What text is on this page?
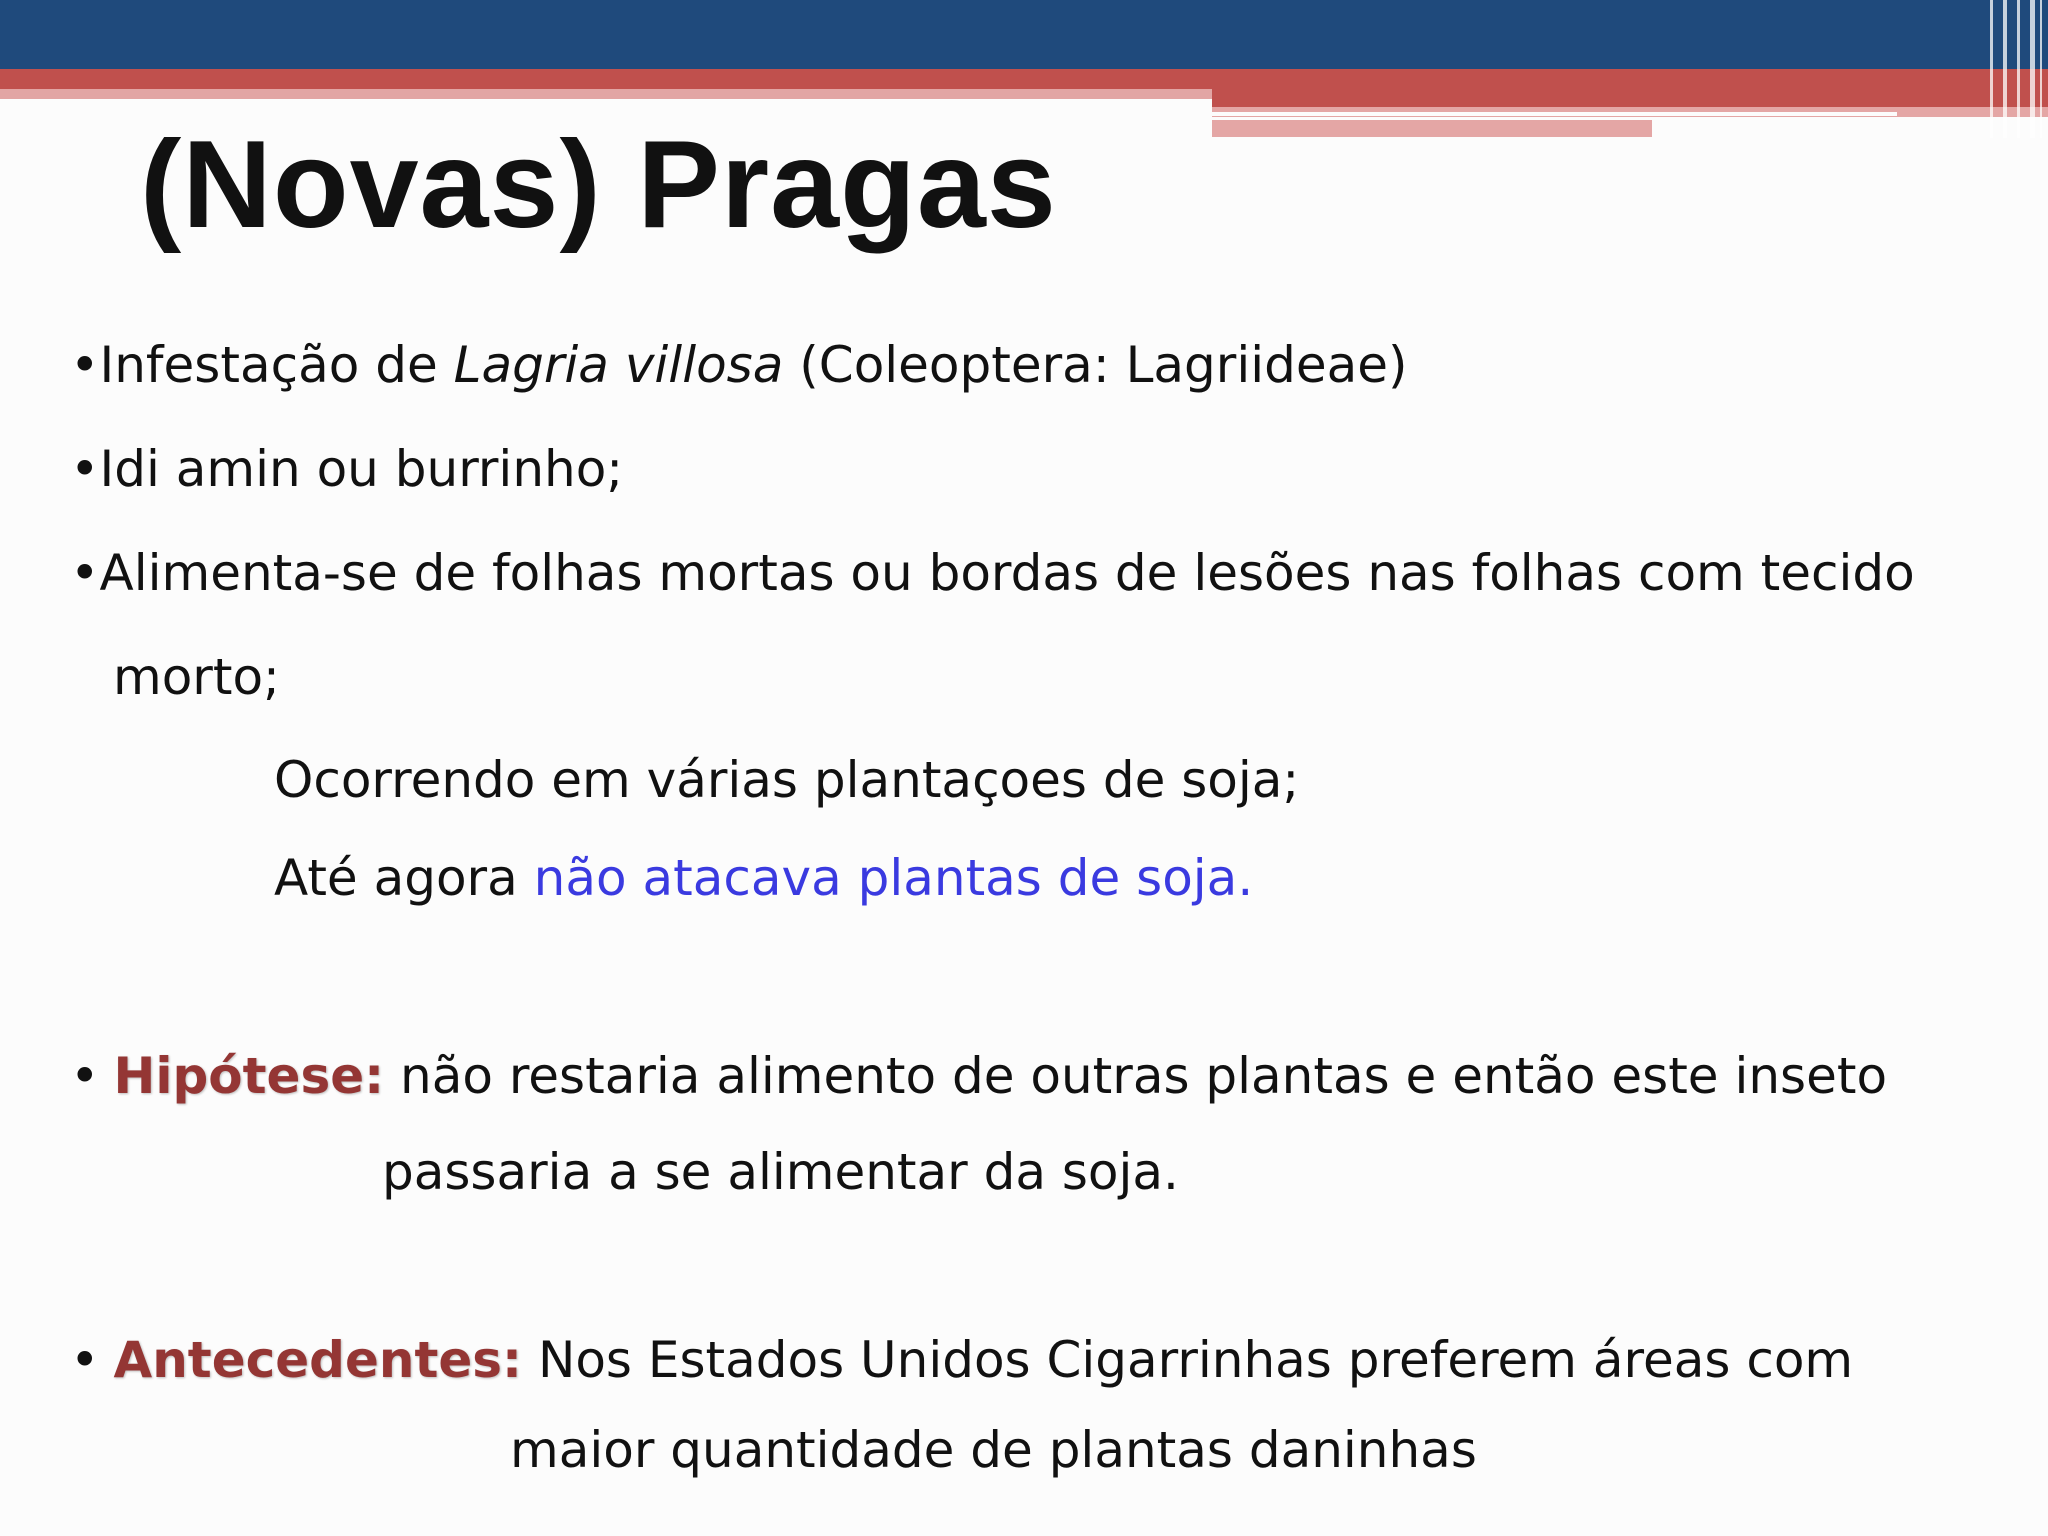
(Novas) Pragas

•Infestação de Lagria villosa (Coleoptera: Lagriideae)

•Idi amin ou burrinho;

•Alimenta-se de folhas mortas ou bordas de lesões nas folhas com tecido

morto;

Ocorrendo em várias plantaçoes de soja;

Até agora não atacava plantas de soja.

• Hipótese: não restaria alimento de outras plantas e então este inseto

passaria a se alimentar da soja.

• Antecedentes: Nos Estados Unidos Cigarrinhas preferem áreas com

maior quantidade de plantas daninhas
